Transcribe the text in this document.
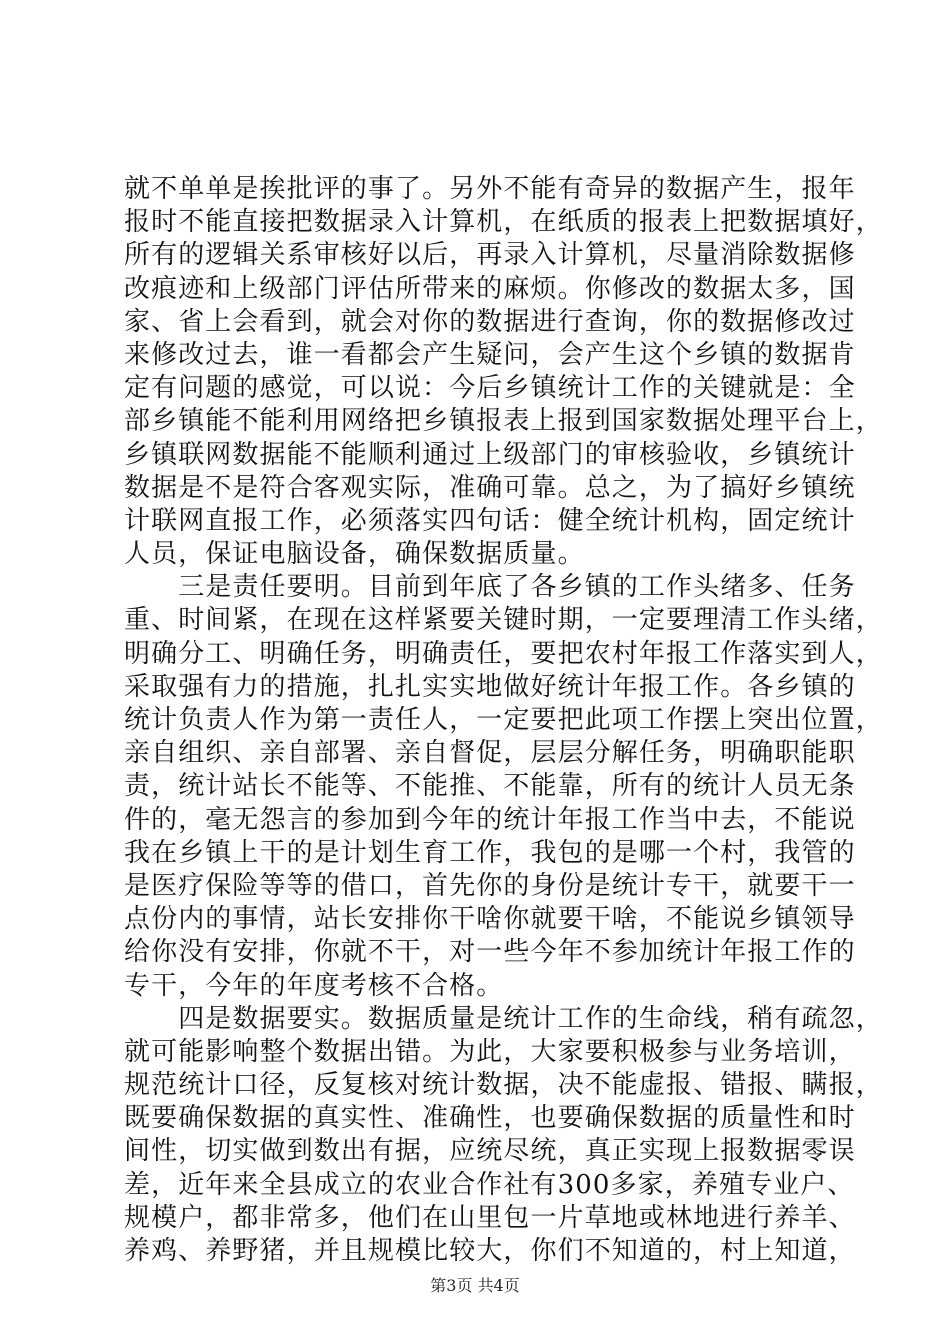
就不单单是挨批评的事了。另外不能有奇异的数据产生，报年
报时不能直接把数据录入计算机，在纸质的报表上把数据填好，
所有的逻辑关系审核好以后，再录入计算机，尽量消除数据修
改痕迹和上级部门评估所带来的麻烦。你修改的数据太多，国
家、省上会看到，就会对你的数据进行查询，你的数据修改过
来修改过去，谁一看都会产生疑问，会产生这个乡镇的数据肯
定有问题的感觉，可以说：今后乡镇统计工作的关键就是：全
部乡镇能不能利用网络把乡镇报表上报到国家数据处理平台上，
乡镇联网数据能不能顺利通过上级部门的审核验收，乡镇统计
数据是不是符合客观实际，准确可靠。总之，为了搞好乡镇统
计联网直报工作，必须落实四句话：健全统计机构，固定统计
人员，保证电脑设备，确保数据质量。
　　三是责任要明。目前到年底了各乡镇的工作头绪多、任务
重、时间紧，在现在这样紧要关键时期，一定要理清工作头绪，
明确分工、明确任务，明确责任，要把农村年报工作落实到人，
采取强有力的措施，扎扎实实地做好统计年报工作。各乡镇的
统计负责人作为第一责任人，一定要把此项工作摆上突出位置，
亲自组织、亲自部署、亲自督促，层层分解任务，明确职能职
责，统计站长不能等、不能推、不能靠，所有的统计人员无条
件的，毫无怨言的参加到今年的统计年报工作当中去，不能说
我在乡镇上干的是计划生育工作，我包的是哪一个村，我管的
是医疗保险等等的借口，首先你的身份是统计专干，就要干一
点份内的事情，站长安排你干啥你就要干啥，不能说乡镇领导
给你没有安排，你就不干，对一些今年不参加统计年报工作的
专干，今年的年度考核不合格。
　　四是数据要实。数据质量是统计工作的生命线，稍有疏忽，
就可能影响整个数据出错。为此，大家要积极参与业务培训，
规范统计口径，反复核对统计数据，决不能虚报、错报、瞒报，
既要确保数据的真实性、准确性，也要确保数据的质量性和时
间性，切实做到数出有据，应统尽统，真正实现上报数据零误
差，近年来全县成立的农业合作社有300多家，养殖专业户、
规模户，都非常多，他们在山里包一片草地或林地进行养羊、
养鸡、养野猪，并且规模比较大，你们不知道的，村上知道，
第3页 共4页
